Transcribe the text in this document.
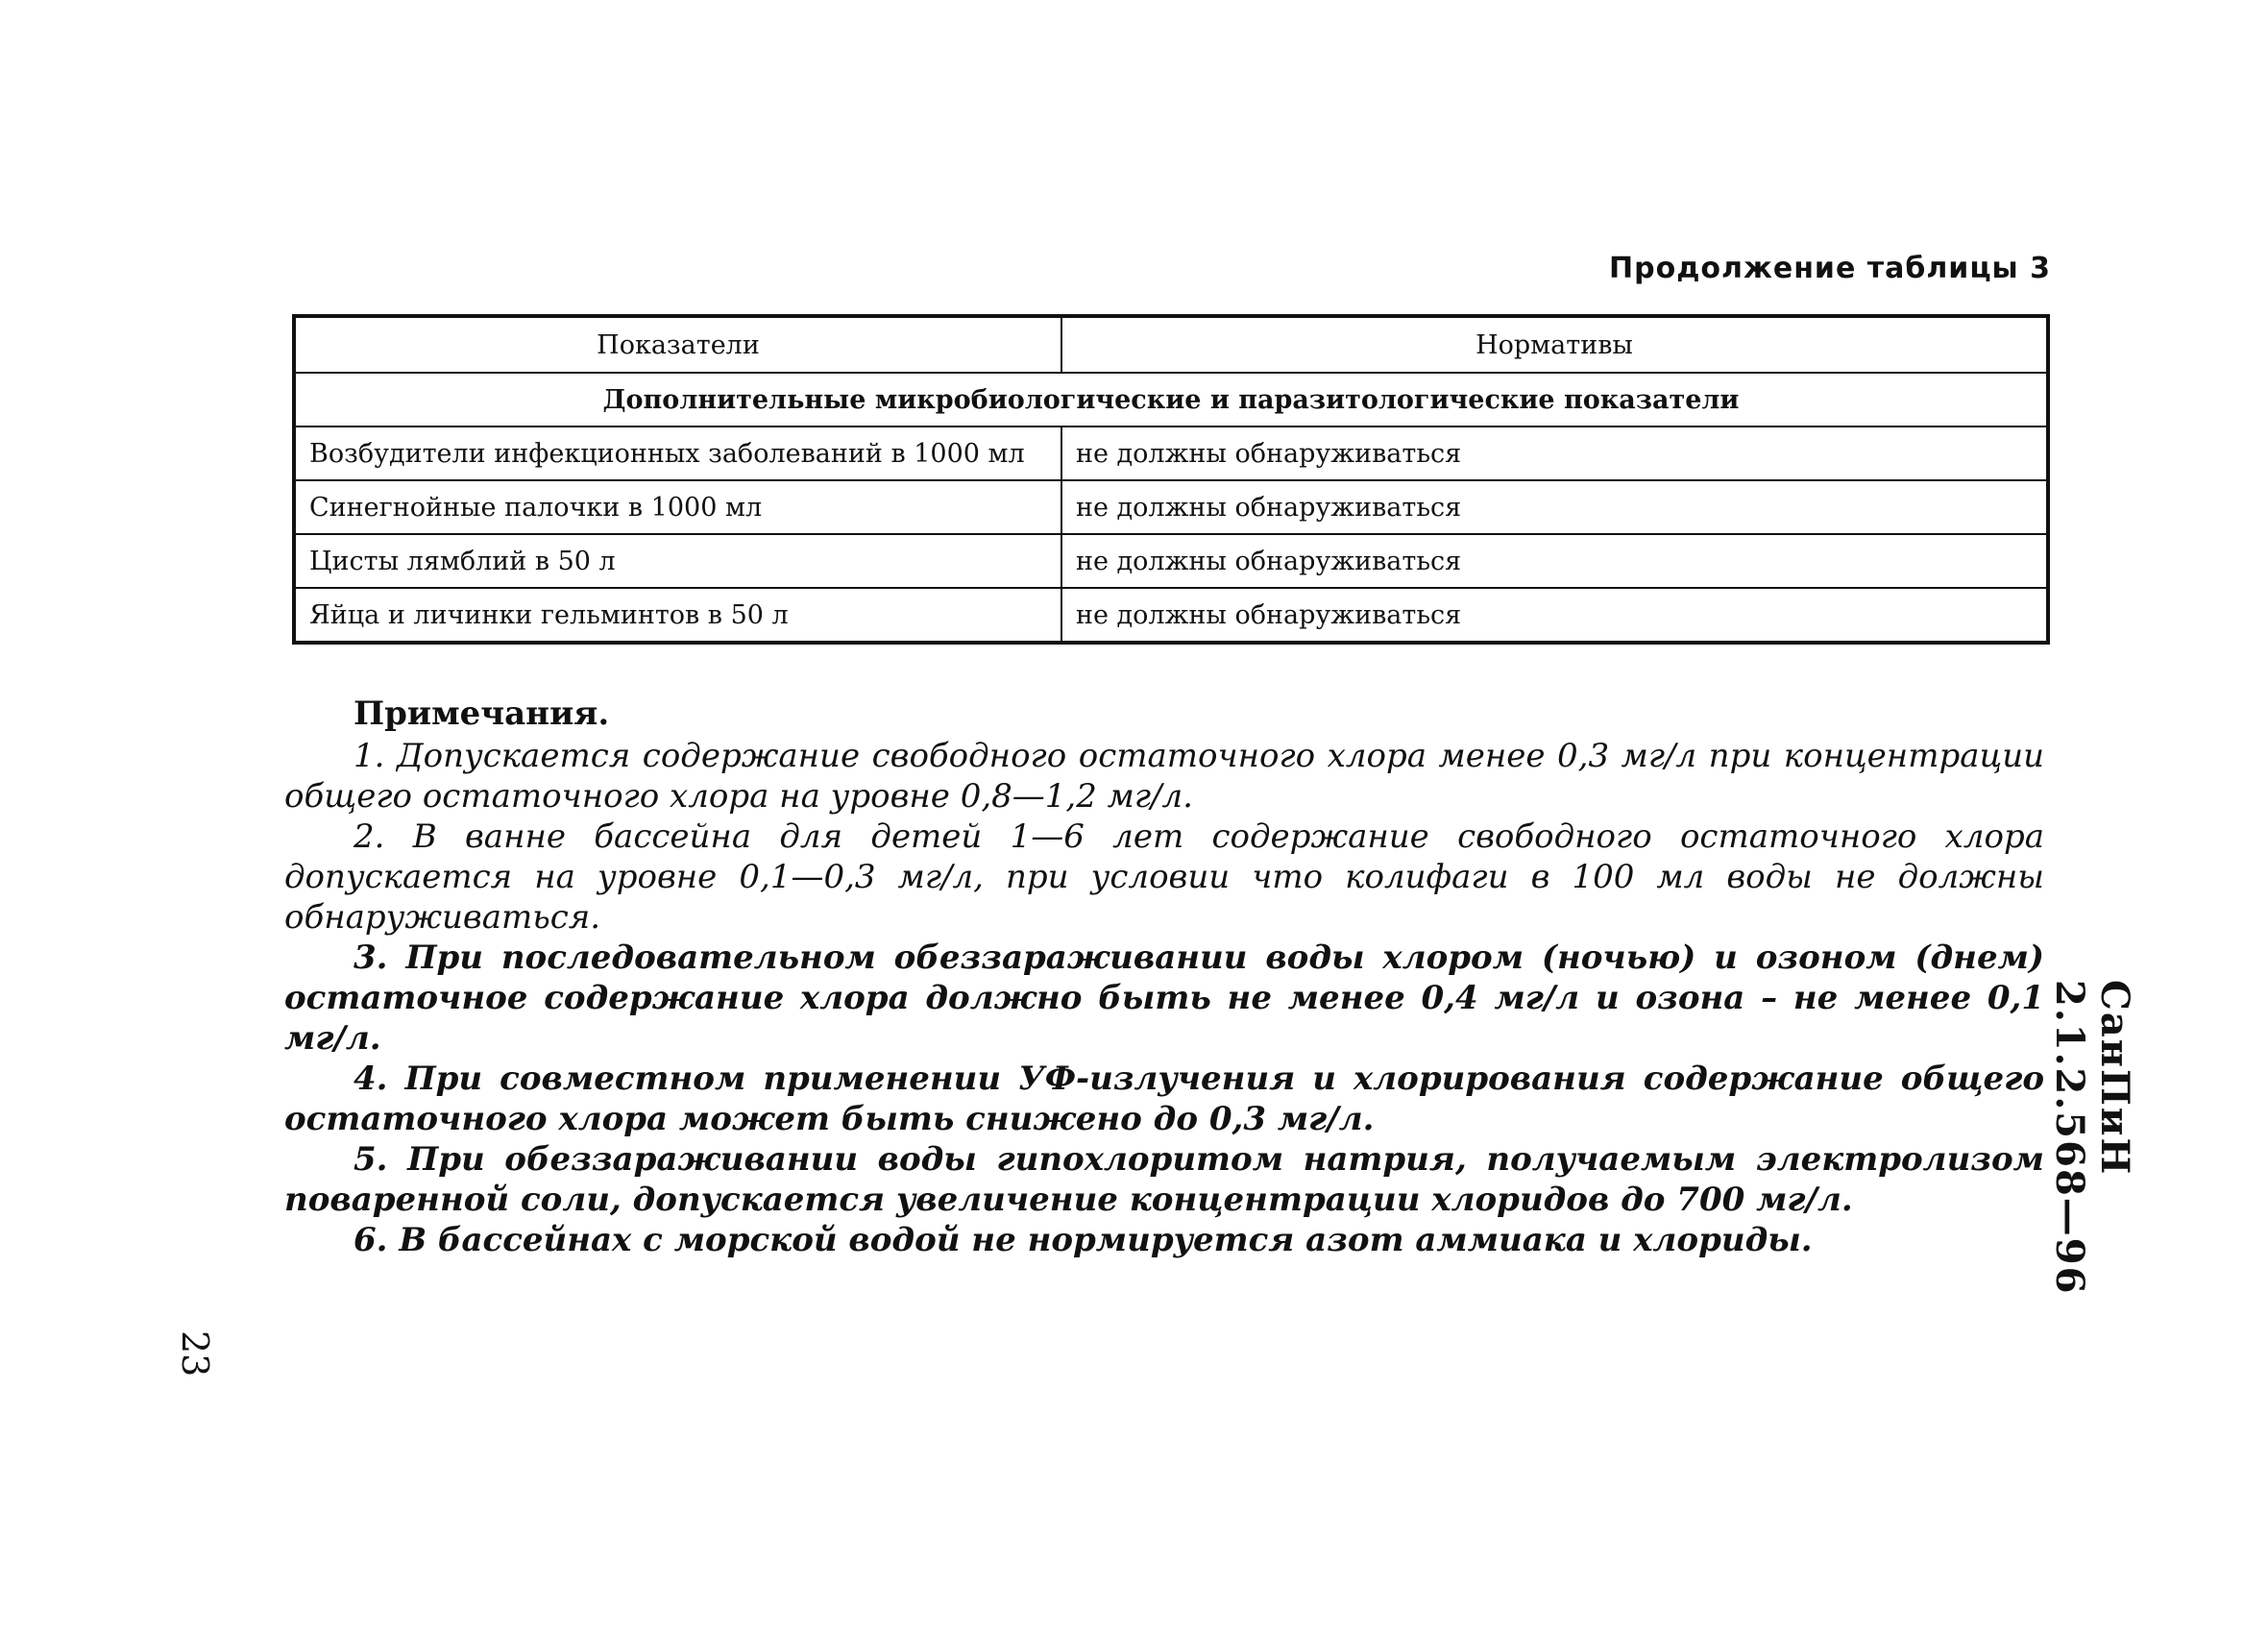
Продолжение таблицы 3
Показатели	Нормативы
Дополнительные микробиологические и паразитологические показатели	
Возбудители инфекционных заболеваний в 1000 мл	не должны обнаруживаться
Синегнойные палочки в 1000 мл	не должны обнаруживаться
Цисты лямблий в 50 л	не должны обнаруживаться
Яйца и личинки гельминтов в 50 л	не должны обнаруживаться
Примечания.

1. Допускается содержание свободного остаточного хлора менее 0,3 мг/л при концентрации общего остаточного хлора на уровне 0,8—1,2 мг/л.

2. В ванне бассейна для детей 1—6 лет содержание свободного остаточного хлора допускается на уровне 0,1—0,3 мг/л, при условии что колифаги в 100 мл воды не должны обнаруживаться.

3. При последовательном обеззараживании воды хлором (ночью) и озоном (днем) остаточное содержание хлора должно быть не менее 0,4 мг/л и озона – не менее 0,1 мг/л.

4. При совместном применении УФ-излучения и хлорирования содержание общего остаточного хлора может быть снижено до 0,3 мг/л.

5. При обеззараживании воды гипохлоритом натрия, получаемым электролизом поваренной соли, допускается увеличение концентрации хлоридов до 700 мг/л.

6. В бассейнах с морской водой не нормируется азот аммиака и хлориды.

СанПиН 2.1.2.568—96
23
